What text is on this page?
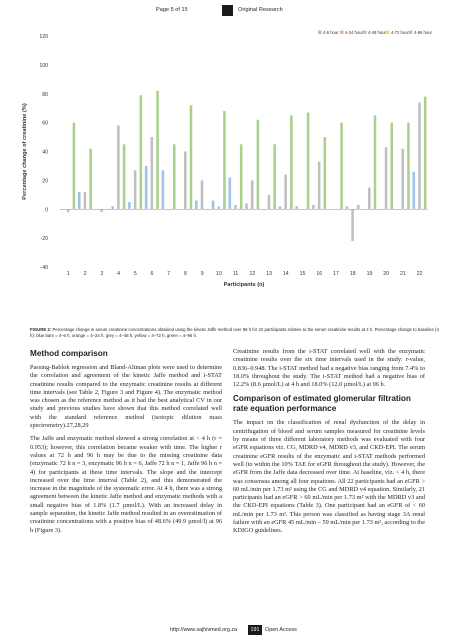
Page 5 of 15	Original Research
-40
-20
0
20
40
60
80
100
120
Percentage change of creatinine (%)
1	2	3	4	5	6	7	8	9 10 11 12 13 14 15 16 17 18 19 20 21 22
Participants (n)
4-6 hour 4-24 hour 4-48 hour 4-72 hour 4-96 hour
FIGURE 2: Percentage change in serum creatinine concentrations obtained using the kinetic Jaffe method over 96 h for 22 participants relative to the serum creatinine results at 4 h. Percentage change to baseline (4 h): blue bars = 4–6 h, orange = 4–24 h, grey = 4–48 h, yellow = 4–72 h, green = 4–96 h.
Method comparison

Passing-Bablok regression and Bland-Altman plots were used to determine the correlation and agreement of the kinetic Jaffe method and i-STAT creatinine results compared to the enzymatic creatinine results at different time intervals (see Table 2, Figure 3 and Figure 4). The enzymatic method was chosen as the reference method as it had the best analytical CV in our study and previous studies have shown that this method correlated well with the standard reference method (isotopic dilution mass spectrometry).27,28,29

The Jaffe and enzymatic method showed a strong correlation at < 4 h (r = 0.953); however, this correlation became weaker with time. The higher r values at 72 h and 96 h may be due to the missing creatinine data (enzymatic 72 h n = 3, enzymatic 96 h n = 6, Jaffe 72 h n = 1, Jaffe 96 h n = 4) for participants at these time intervals. The slope and the intercept increased over the time interval (Table 2), and this demonstrated the increase in the magnitude of the systematic error. At 4 h, there was a strong agreement between the kinetic Jaffe method and enzymatic methods with a small negative bias of 1.8% (1.7 µmol/L). With an increased delay in sample separation, the kinetic Jaffe method resulted in an overestimation of creatinine concentrations with a positive bias of 48.6% (49.9 µmol/l) at 96 h (Figure 3).

Creatinine results from the i-STAT correlated well with the enzymatic creatinine results over the six time intervals used in the study: r-value, 0.836–0.948. The i-STAT method had a negative bias ranging from 7.4% to 18.0% throughout the study. The i-STAT method had a negative bias of 12.2% (8.6 µmol/L) at 4 h and 18.0% (12.0 µmol/L) at 96 h.

Comparison of estimated glomerular filtration rate equation performance

The impact on the classification of renal dysfunction of the delay in centrifugation of blood and serum samples measured for creatinine levels by means of three different laboratory methods was evaluated with four eGFR equations viz. CG, MDRD v4, MDRD v3, and CKD-EPI. The serum creatinine eGFR results of the enzymatic and i-STAT methods performed well (to within the 10% TAE for eGFR throughout the study). However, the eGFR from the Jaffe data decreased over time. At baseline, viz. < 4 h, there was consensus among all four equations. All 22 participants had an eGFR > 60 mL/min per 1.73 m² using the CG and MDRD v4 equation. Similarly, 21 participants had an eGFR > 60 mL/min per 1.73 m² with the MDRD v3 and the CKD-EPI equations (Table 3). One participant had an eGFR of < 60 mL/min per 1.73 m². This person was classified as having stage 3A renal failure with an eGFR 45 mL/min – 59 mL/min per 1.73 m², according to the KDIGO guidelines.

http://www.sajhivmed.org.za	191	Open Access
